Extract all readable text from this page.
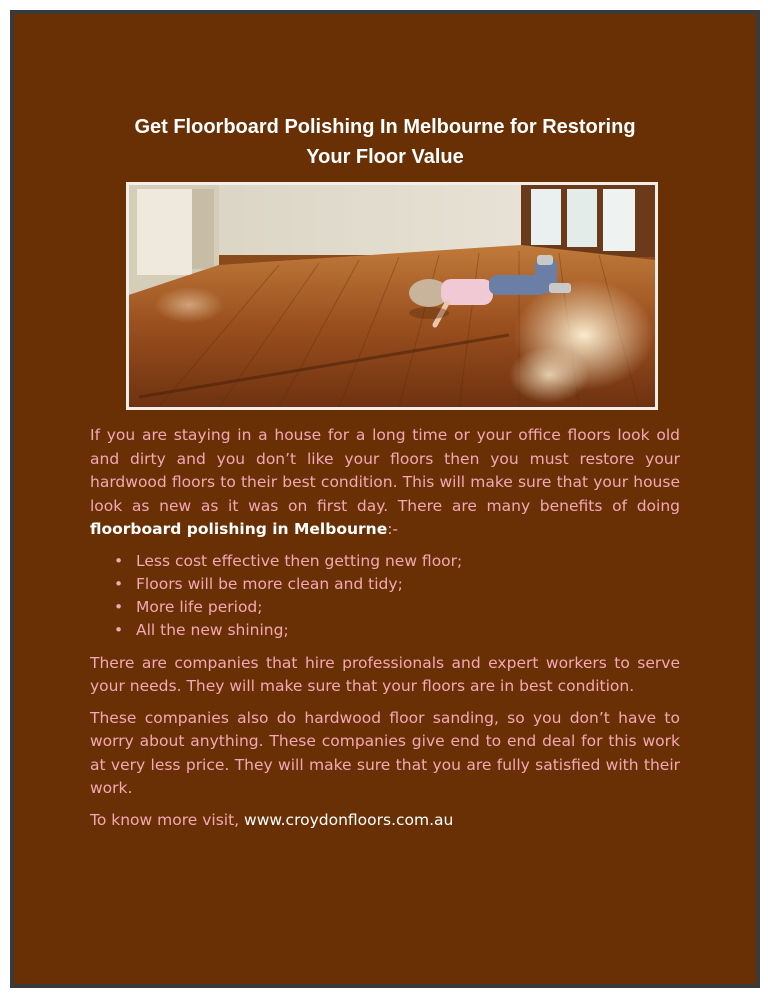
Get Floorboard Polishing In Melbourne for Restoring
Your Floor Value

If you are staying in a house for a long time or your office floors look old and dirty and you don’t like your floors then you must restore your hardwood floors to their best condition. This will make sure that your house look as new as it was on first day. There are many benefits of doing floorboard polishing in Melbourne:-

• Less cost effective then getting new floor;
• Floors will be more clean and tidy;
• More life period;
• All the new shining;

There are companies that hire professionals and expert workers to serve your needs. They will make sure that your floors are in best condition.

These companies also do hardwood floor sanding, so you don’t have to worry about anything. These companies give end to end deal for this work at very less price. They will make sure that you are fully satisfied with their work.

To know more visit, www.croydonfloors.com.au
